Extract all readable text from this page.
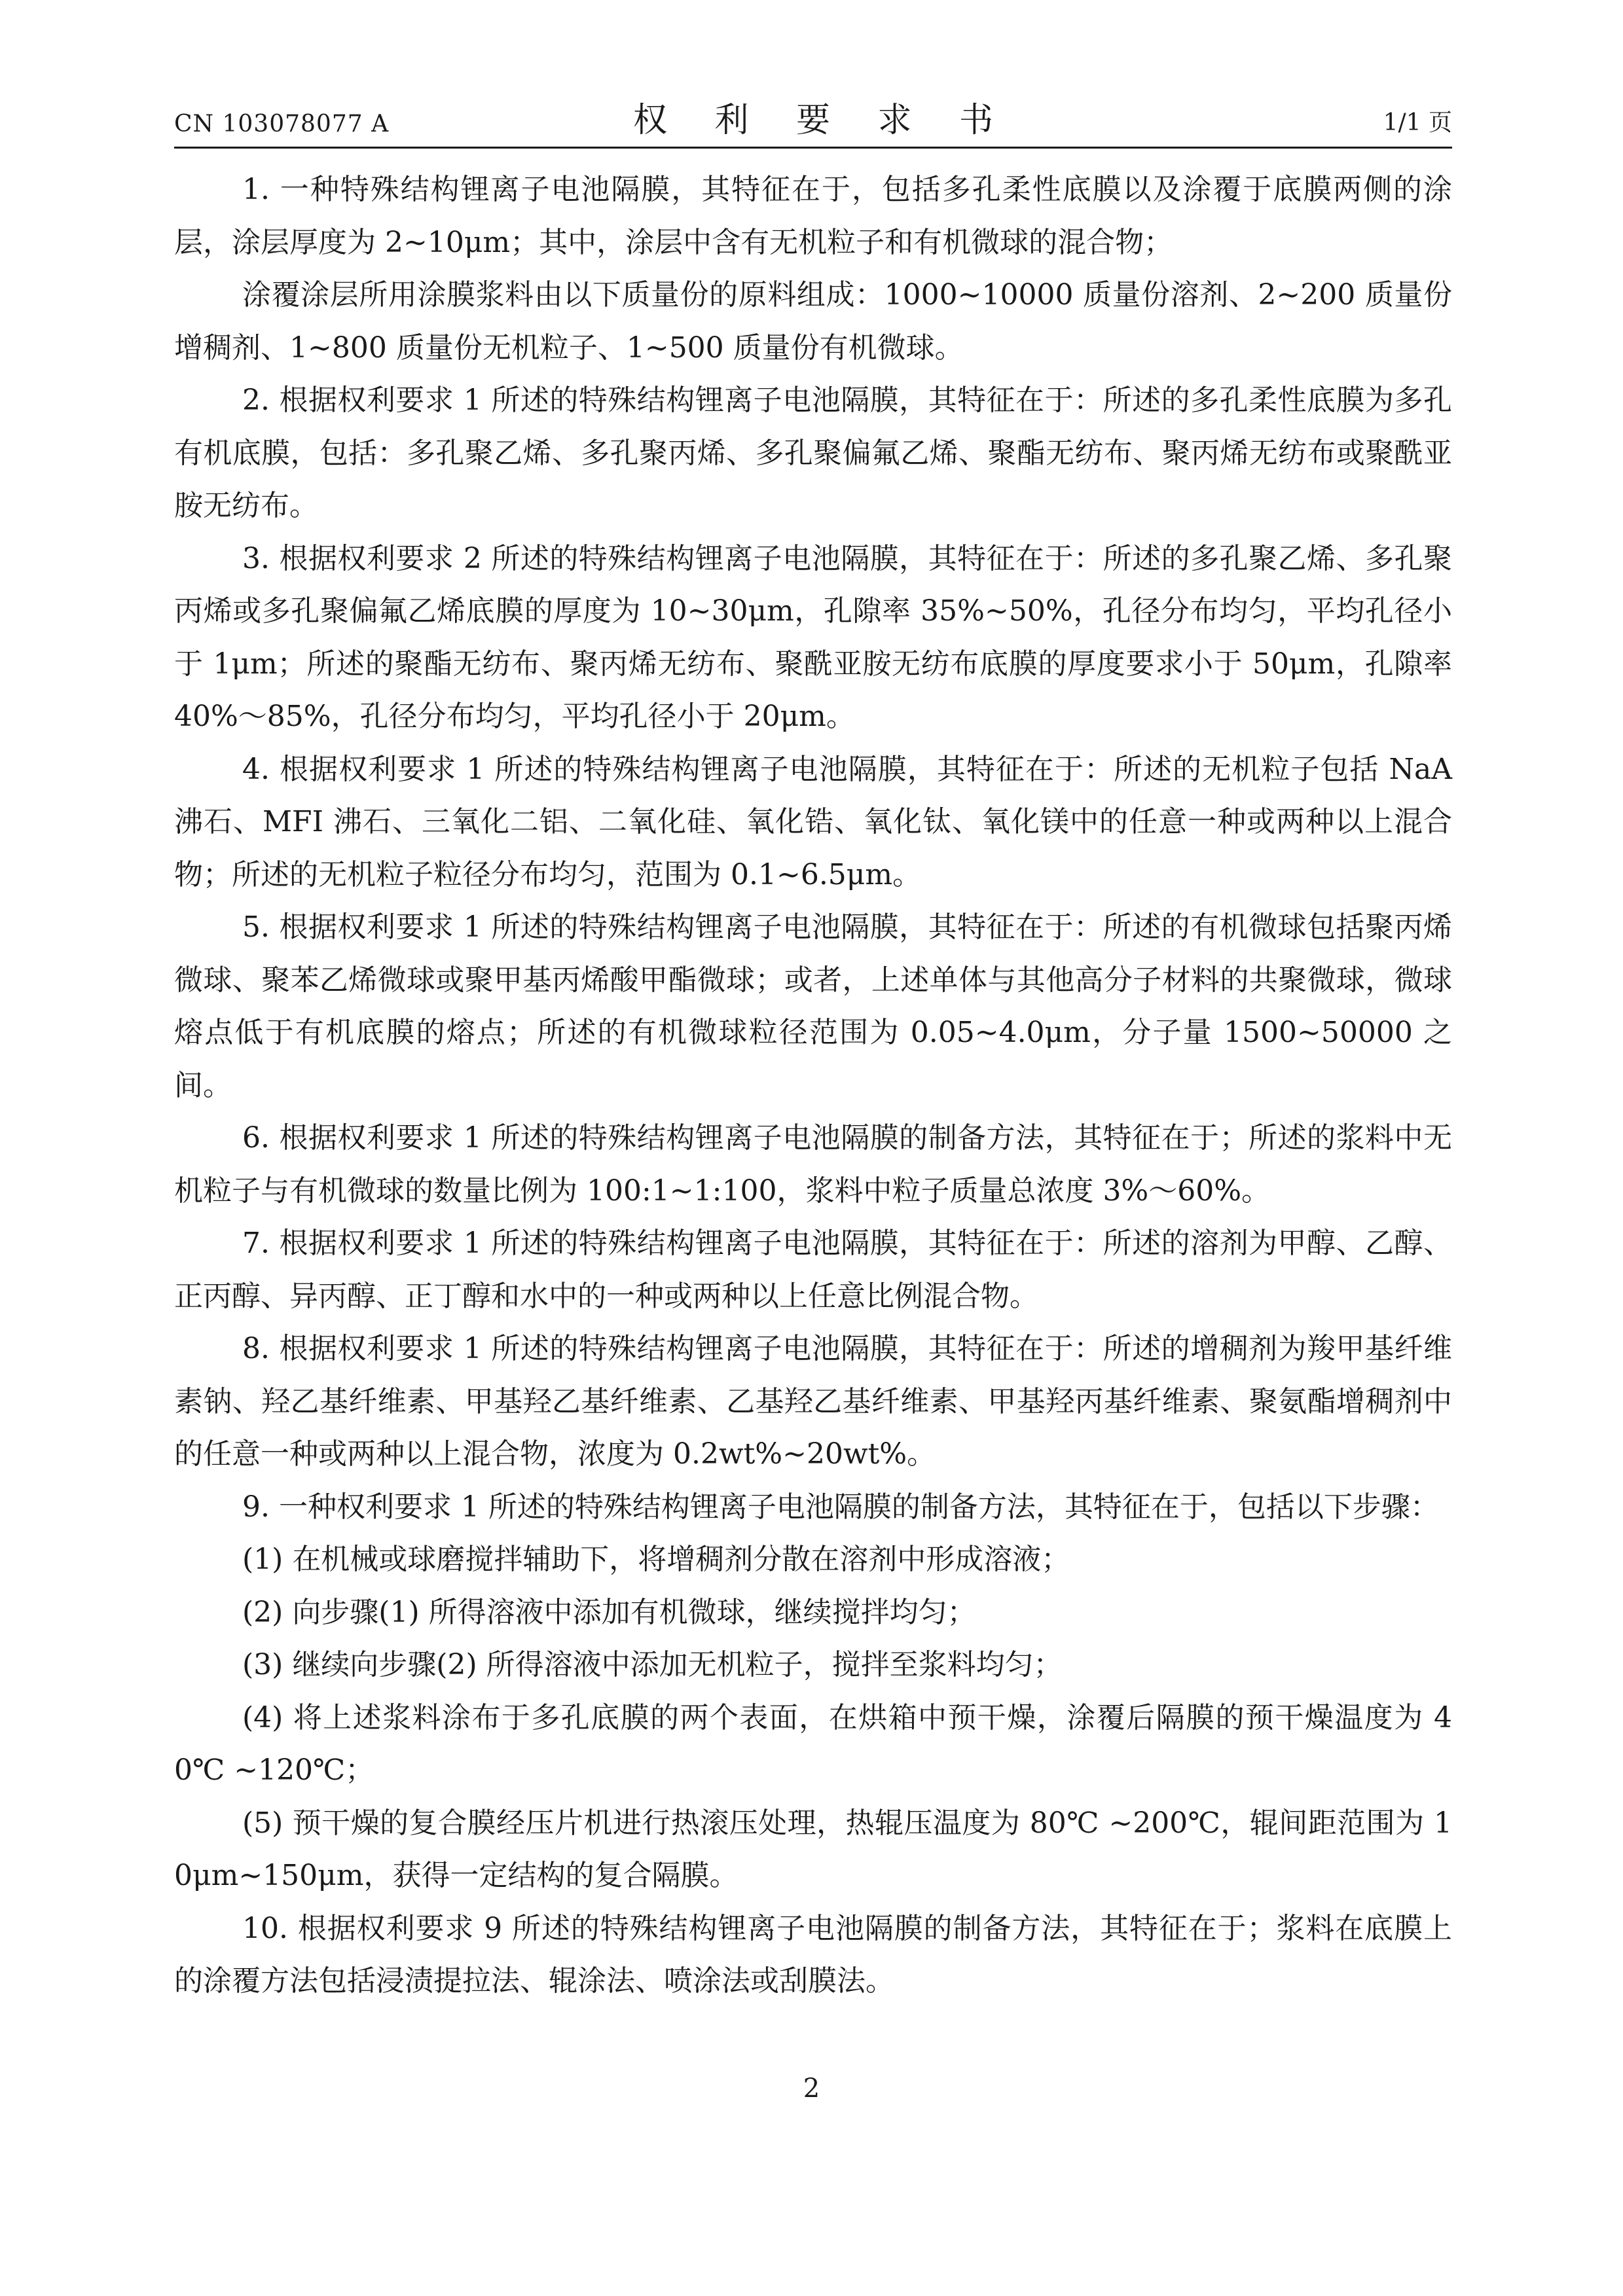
CN 103078077 A	权 利 要 求 书	1/1 页

1. 一种特殊结构锂离子电池隔膜，其特征在于，包括多孔柔性底膜以及涂覆于底膜两侧的涂层，涂层厚度为 2~10μm；其中，涂层中含有无机粒子和有机微球的混合物；

涂覆涂层所用涂膜浆料由以下质量份的原料组成：1000~10000 质量份溶剂、2~200 质量份增稠剂、1~800 质量份无机粒子、1~500 质量份有机微球。

2. 根据权利要求 1 所述的特殊结构锂离子电池隔膜，其特征在于：所述的多孔柔性底膜为多孔有机底膜，包括：多孔聚乙烯、多孔聚丙烯、多孔聚偏氟乙烯、聚酯无纺布、聚丙烯无纺布或聚酰亚胺无纺布。

3. 根据权利要求 2 所述的特殊结构锂离子电池隔膜，其特征在于：所述的多孔聚乙烯、多孔聚丙烯或多孔聚偏氟乙烯底膜的厚度为 10~30μm，孔隙率 35%~50%，孔径分布均匀，平均孔径小于 1μm；所述的聚酯无纺布、聚丙烯无纺布、聚酰亚胺无纺布底膜的厚度要求小于 50μm，孔隙率 40%～85%，孔径分布均匀，平均孔径小于 20μm。

4. 根据权利要求 1 所述的特殊结构锂离子电池隔膜，其特征在于：所述的无机粒子包括 NaA 沸石、MFI 沸石、三氧化二铝、二氧化硅、氧化锆、氧化钛、氧化镁中的任意一种或两种以上混合物；所述的无机粒子粒径分布均匀，范围为 0.1~6.5μm。

5. 根据权利要求 1 所述的特殊结构锂离子电池隔膜，其特征在于：所述的有机微球包括聚丙烯微球、聚苯乙烯微球或聚甲基丙烯酸甲酯微球；或者，上述单体与其他高分子材料的共聚微球，微球熔点低于有机底膜的熔点；所述的有机微球粒径范围为 0.05~4.0μm，分子量 1500~50000 之间。

6. 根据权利要求 1 所述的特殊结构锂离子电池隔膜的制备方法，其特征在于；所述的浆料中无机粒子与有机微球的数量比例为 100:1~1:100，浆料中粒子质量总浓度 3%～60%。

7. 根据权利要求 1 所述的特殊结构锂离子电池隔膜，其特征在于：所述的溶剂为甲醇、乙醇、正丙醇、异丙醇、正丁醇和水中的一种或两种以上任意比例混合物。

8. 根据权利要求 1 所述的特殊结构锂离子电池隔膜，其特征在于：所述的增稠剂为羧甲基纤维素钠、羟乙基纤维素、甲基羟乙基纤维素、乙基羟乙基纤维素、甲基羟丙基纤维素、聚氨酯增稠剂中的任意一种或两种以上混合物，浓度为 0.2wt%~20wt%。

9. 一种权利要求 1 所述的特殊结构锂离子电池隔膜的制备方法，其特征在于，包括以下步骤：

(1) 在机械或球磨搅拌辅助下，将增稠剂分散在溶剂中形成溶液；

(2) 向步骤(1) 所得溶液中添加有机微球，继续搅拌均匀；

(3) 继续向步骤(2) 所得溶液中添加无机粒子，搅拌至浆料均匀；

(4) 将上述浆料涂布于多孔底膜的两个表面，在烘箱中预干燥，涂覆后隔膜的预干燥温度为 40℃ ~120℃；

(5) 预干燥的复合膜经压片机进行热滚压处理，热辊压温度为 80℃ ~200℃，辊间距范围为 10μm~150μm，获得一定结构的复合隔膜。

10. 根据权利要求 9 所述的特殊结构锂离子电池隔膜的制备方法，其特征在于；浆料在底膜上的涂覆方法包括浸渍提拉法、辊涂法、喷涂法或刮膜法。

2
